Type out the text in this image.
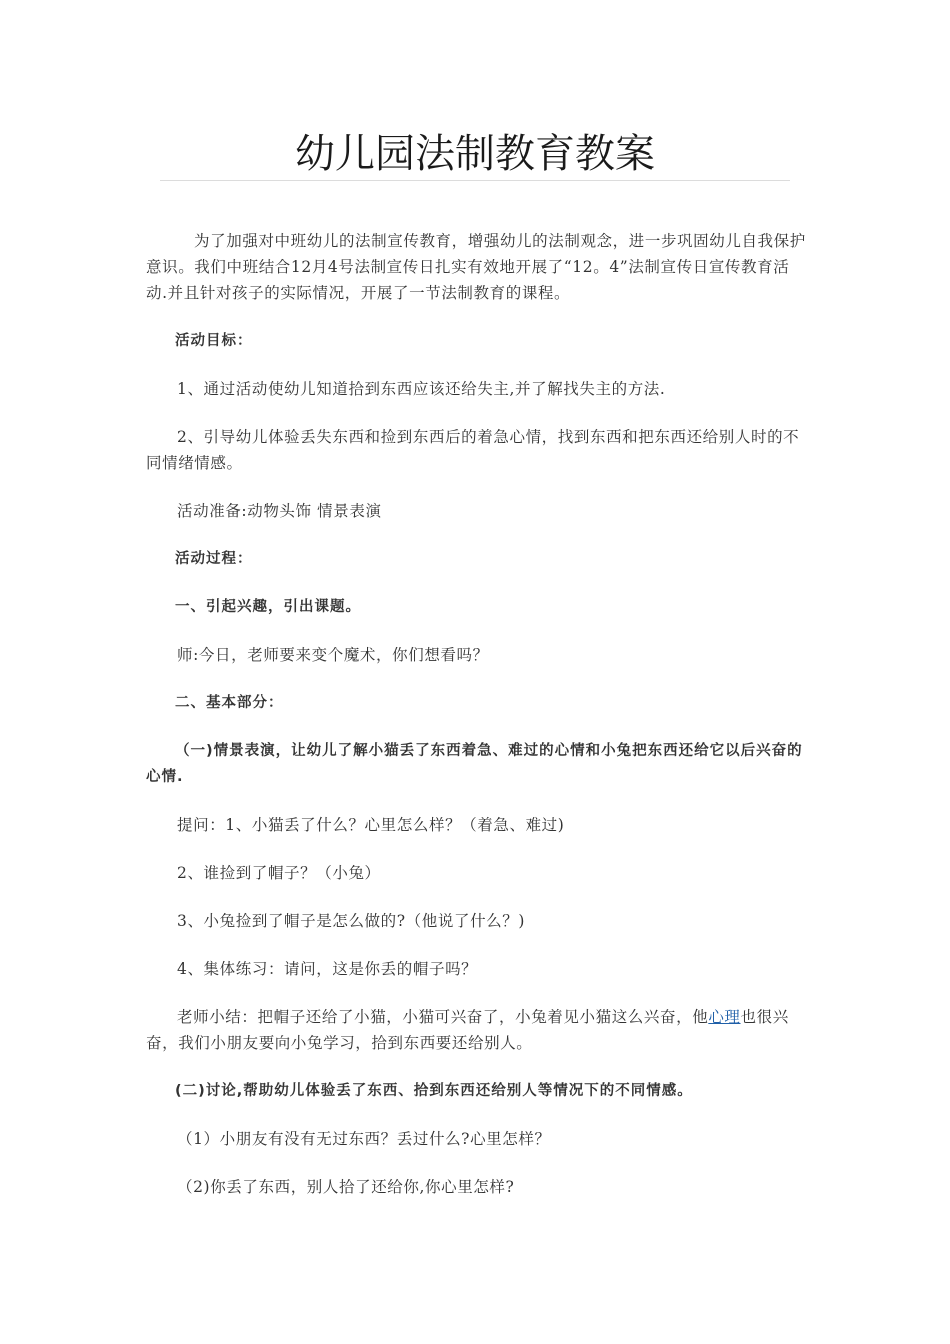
幼儿园法制教育教案

为了加强对中班幼儿的法制宣传教育，增强幼儿的法制观念，进一步巩固幼儿自我保护意识。我们中班结合12月4号法制宣传日扎实有效地开展了“12。4”法制宣传日宣传教育活动.并且针对孩子的实际情况，开展了一节法制教育的课程。

活动目标：

1、通过活动使幼儿知道拾到东西应该还给失主,并了解找失主的方法.

2、引导幼儿体验丢失东西和捡到东西后的着急心情，找到东西和把东西还给别人时的不同情绪情感。

活动准备:动物头饰 情景表演

活动过程：

一、引起兴趣，引出课题。

师:今日，老师要来变个魔术，你们想看吗？

二、基本部分：

（一)情景表演，让幼儿了解小猫丢了东西着急、难过的心情和小兔把东西还给它以后兴奋的心情.

提问：1、小猫丢了什么？心里怎么样？（着急、难过)

2、谁捡到了帽子？（小兔）

3、小兔捡到了帽子是怎么做的?（他说了什么？)

4、集体练习：请问，这是你丢的帽子吗？

老师小结：把帽子还给了小猫，小猫可兴奋了，小兔着见小猫这么兴奋，他心理也很兴奋，我们小朋友要向小兔学习，拾到东西要还给别人。

(二)讨论,帮助幼儿体验丢了东西、拾到东西还给别人等情况下的不同情感。

（1）小朋友有没有无过东西？丢过什么?心里怎样？

（2)你丢了东西，别人拾了还给你,你心里怎样?
